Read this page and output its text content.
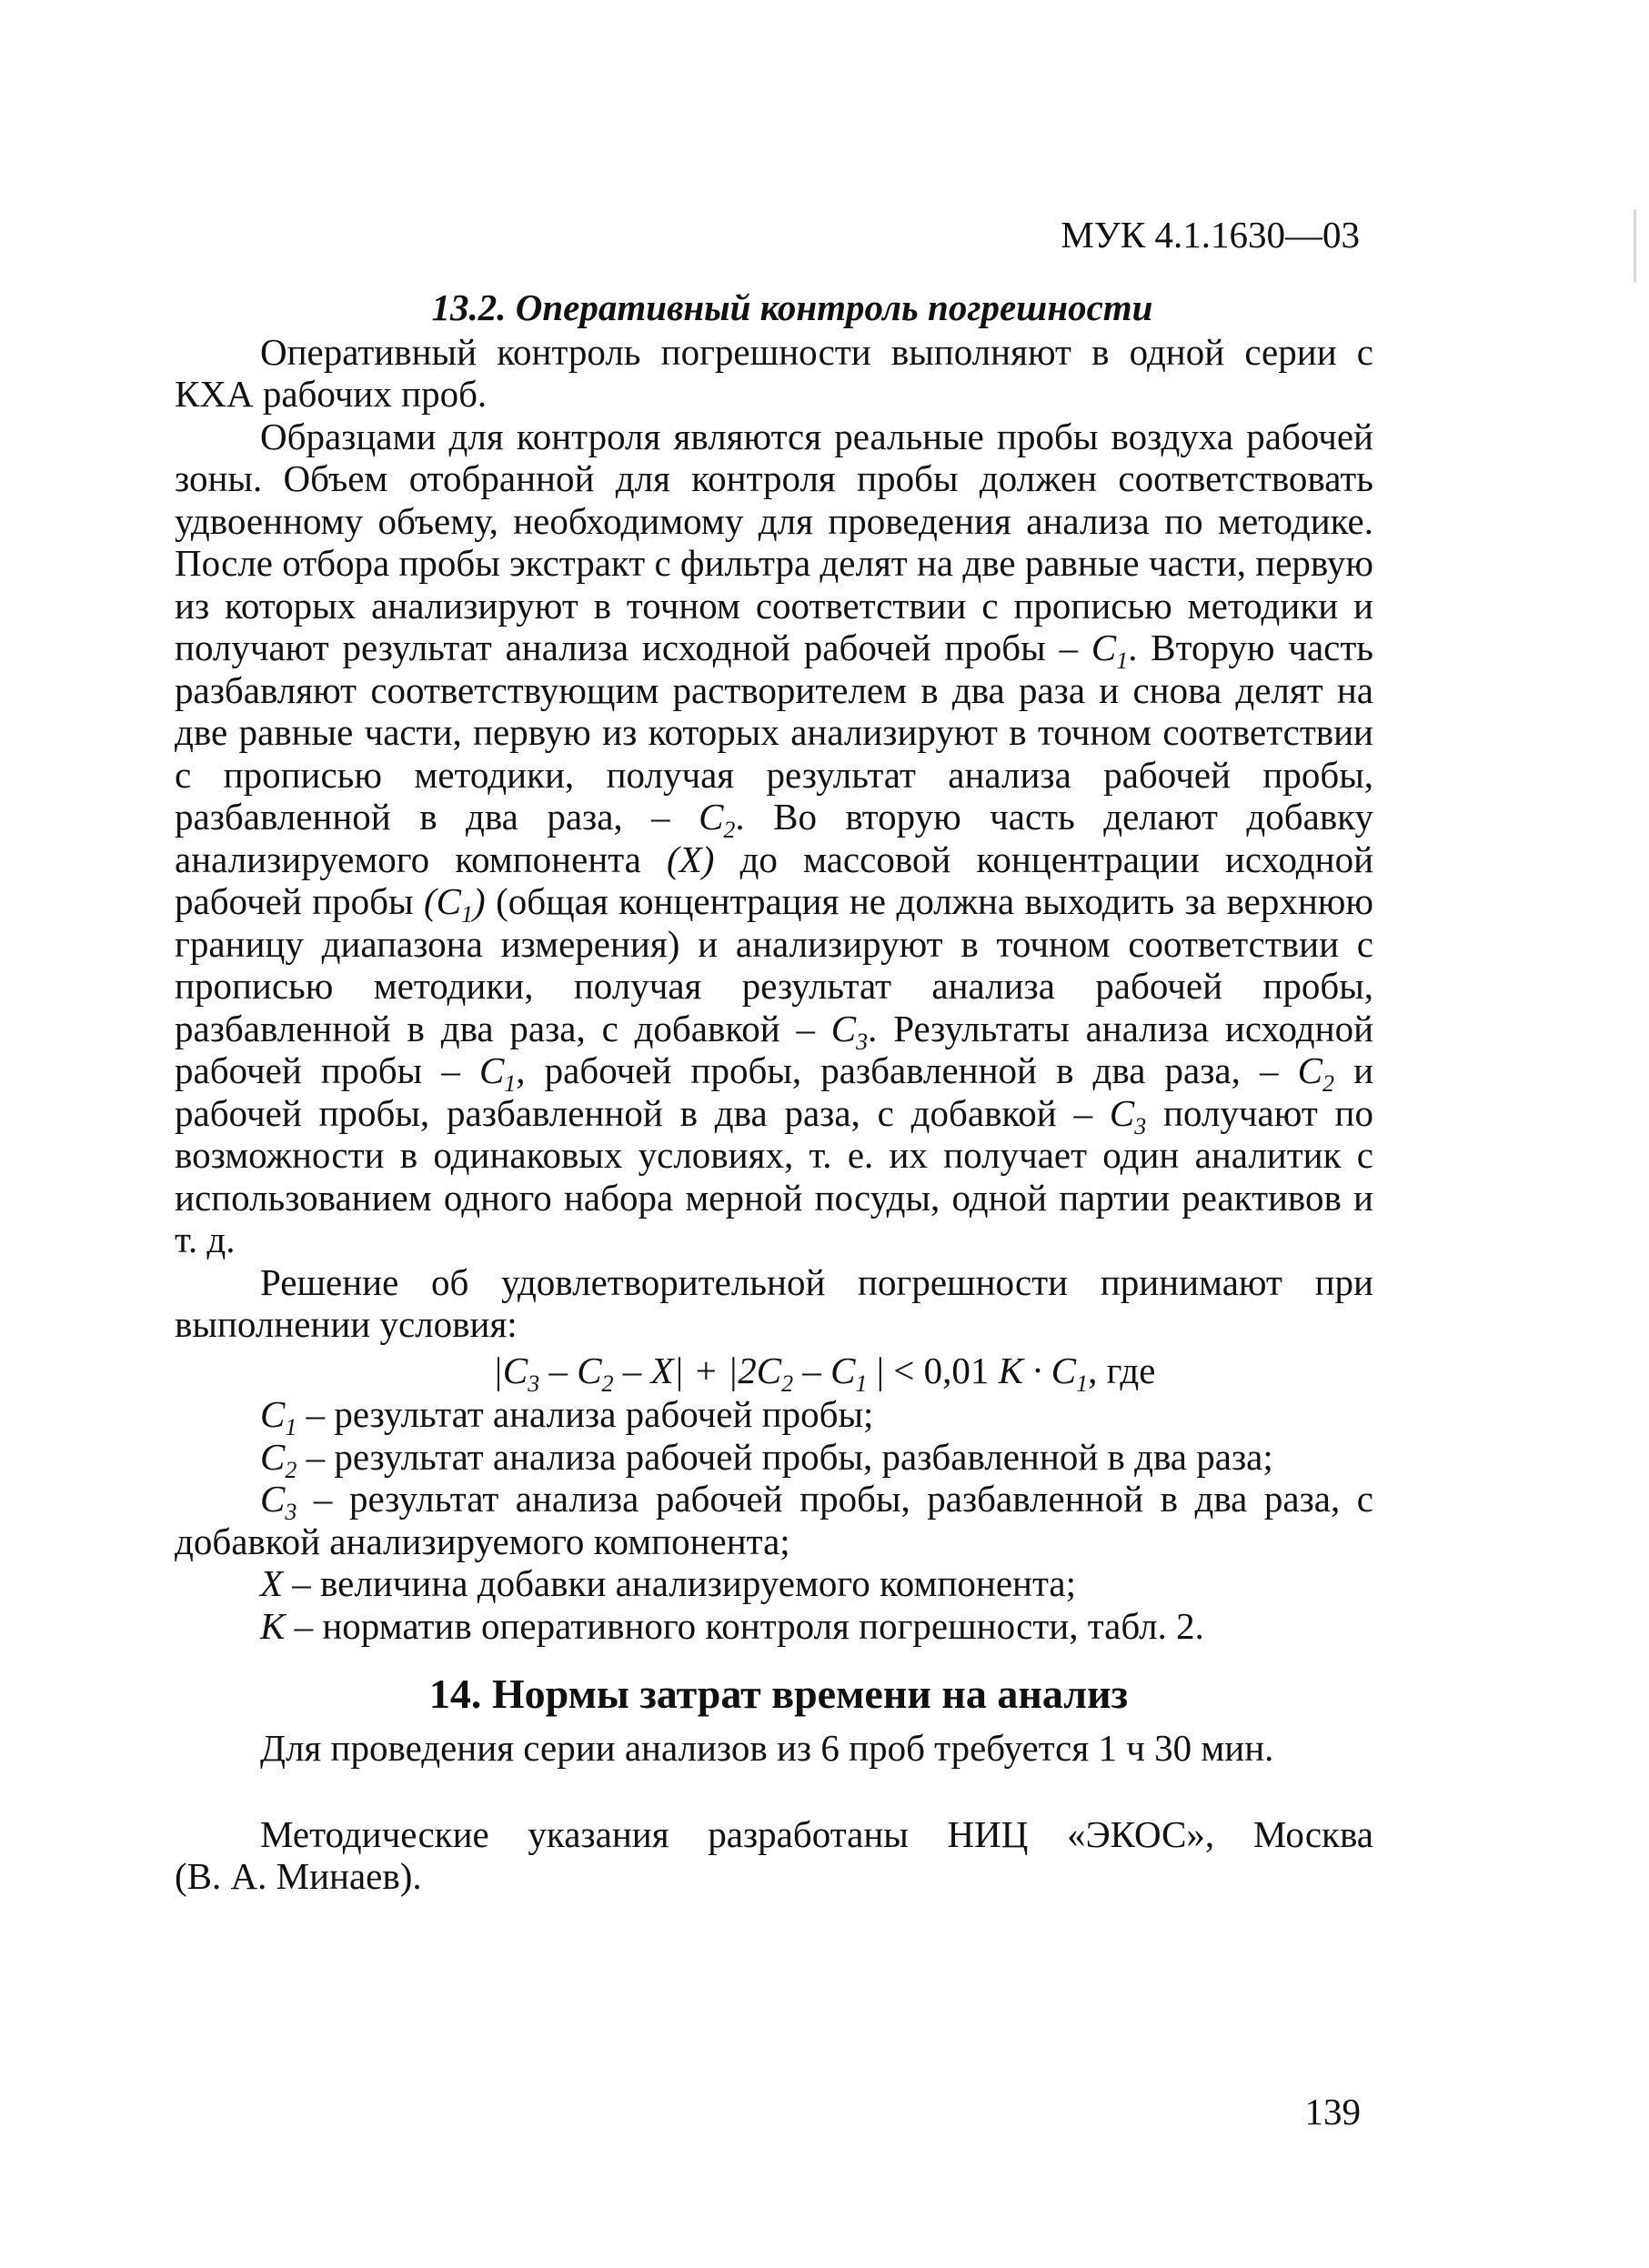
МУК 4.1.1630—03
13.2. Оперативный контроль погрешности

Оперативный контроль погрешности выполняют в одной серии с КХА рабочих проб.

Образцами для контроля являются реальные пробы воздуха рабочей зоны. Объем отобранной для контроля пробы должен соответствовать удвоенному объему, необходимому для проведения анализа по методике. После отбора пробы экстракт с фильтра делят на две равные части, первую из которых анализируют в точном соответствии с прописью методики и получают результат анализа исходной рабочей пробы – $C_1$. Вторую часть разбавляют соответствующим растворителем в два раза и снова делят на две равные части, первую из которых анализируют в точном соответствии с прописью методики, получая результат анализа рабочей пробы, разбавленной в два раза, – $C_2$. Во вторую часть делают добавку анализируемого компонента (X) до массовой концентрации исходной рабочей пробы $(C_1)$ (общая концентрация не должна выходить за верхнюю границу диапазона измерения) и анализируют в точном соответствии с прописью методики, получая результат анализа рабочей пробы, разбавленной в два раза, с добавкой – $C_3$. Результаты анализа исходной рабочей пробы – $C_1$, рабочей пробы, разбавленной в два раза, – $C_2$ и рабочей пробы, разбавленной в два раза, с добавкой – $C_3$ получают по возможности в одинаковых условиях, т. е. их получает один аналитик с использованием одного набора мерной посуды, одной партии реактивов и т. д.

Решение об удовлетворительной погрешности принимают при выполнении условия:

$|C_3 - C_2 - X| + |2C_2 - C_1$ | < 0,01 $K \cdot C_1$, где

$C_1$ – результат анализа рабочей пробы;

$C_2$ – результат анализа рабочей пробы, разбавленной в два раза;

$C_3$ – результат анализа рабочей пробы, разбавленной в два раза, с добавкой анализируемого компонента;

X – величина добавки анализируемого компонента;

K – норматив оперативного контроля погрешности, табл. 2.

14. Нормы затрат времени на анализ

Для проведения серии анализов из 6 проб требуется 1 ч 30 мин.

Методические указания разработаны НИЦ «ЭКОС», Москва

(В. А. Минаев).

139
